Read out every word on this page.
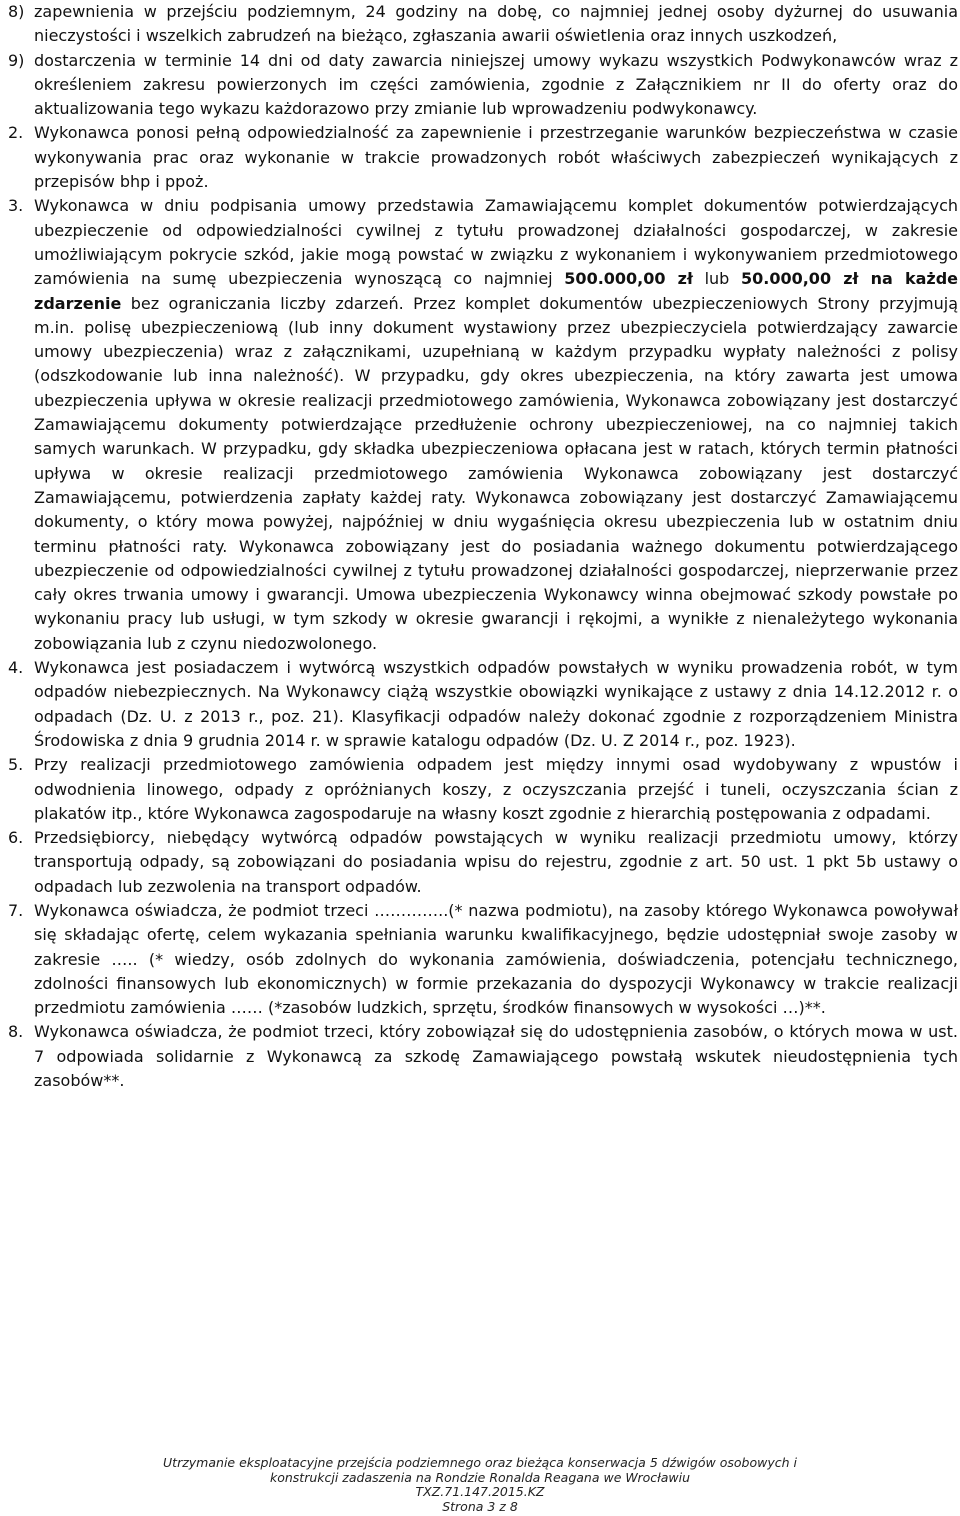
8) zapewnienia w przejściu podziemnym, 24 godziny na dobę, co najmniej jednej osoby dyżurnej do usuwania nieczystości i wszelkich zabrudzeń na bieżąco, zgłaszania awarii oświetlenia oraz innych uszkodzeń,
9) dostarczenia w terminie 14 dni od daty zawarcia niniejszej umowy wykazu wszystkich Podwykonawców wraz z określeniem zakresu powierzonych im części zamówienia, zgodnie z Załącznikiem nr II do oferty oraz do aktualizowania tego wykazu każdorazowo przy zmianie lub wprowadzeniu podwykonawcy.
2. Wykonawca ponosi pełną odpowiedzialność za zapewnienie i przestrzeganie warunków bezpieczeństwa w czasie wykonywania prac oraz wykonanie w trakcie prowadzonych robót właściwych zabezpieczeń wynikających z przepisów bhp i ppoż.
3. Wykonawca w dniu podpisania umowy przedstawia Zamawiającemu komplet dokumentów potwierdzających ubezpieczenie od odpowiedzialności cywilnej z tytułu prowadzonej działalności gospodarczej, w zakresie umożliwiającym pokrycie szkód, jakie mogą powstać w związku z wykonaniem i wykonywaniem przedmiotowego zamówienia na sumę ubezpieczenia wynoszącą co najmniej 500.000,00 zł lub 50.000,00 zł na każde zdarzenie bez ograniczania liczby zdarzeń. Przez komplet dokumentów ubezpieczeniowych Strony przyjmują m.in. polisę ubezpieczeniową (lub inny dokument wystawiony przez ubezpieczyciela potwierdzający zawarcie umowy ubezpieczenia) wraz z załącznikami, uzupełnianą w każdym przypadku wypłaty należności z polisy (odszkodowanie lub inna należność). W przypadku, gdy okres ubezpieczenia, na który zawarta jest umowa ubezpieczenia upływa w okresie realizacji przedmiotowego zamówienia, Wykonawca zobowiązany jest dostarczyć Zamawiającemu dokumenty potwierdzające przedłużenie ochrony ubezpieczeniowej, na co najmniej takich samych warunkach. W przypadku, gdy składka ubezpieczeniowa opłacana jest w ratach, których termin płatności upływa w okresie realizacji przedmiotowego zamówienia Wykonawca zobowiązany jest dostarczyć Zamawiającemu, potwierdzenia zapłaty każdej raty. Wykonawca zobowiązany jest dostarczyć Zamawiającemu dokumenty, o który mowa powyżej, najpóźniej w dniu wygaśnięcia okresu ubezpieczenia lub w ostatnim dniu terminu płatności raty. Wykonawca zobowiązany jest do posiadania ważnego dokumentu potwierdzającego ubezpieczenie od odpowiedzialności cywilnej z tytułu prowadzonej działalności gospodarczej, nieprzerwanie przez cały okres trwania umowy i gwarancji. Umowa ubezpieczenia Wykonawcy winna obejmować szkody powstałe po wykonaniu pracy lub usługi, w tym szkody w okresie gwarancji i rękojmi, a wynikłe z nienależytego wykonania zobowiązania lub z czynu niedozwolonego.
4. Wykonawca jest posiadaczem i wytwórcą wszystkich odpadów powstałych w wyniku prowadzenia robót, w tym odpadów niebezpiecznych. Na Wykonawcy ciążą wszystkie obowiązki wynikające z ustawy z dnia 14.12.2012 r. o odpadach (Dz. U. z 2013 r., poz. 21). Klasyfikacji odpadów należy dokonać zgodnie z rozporządzeniem Ministra Środowiska z dnia 9 grudnia 2014 r. w sprawie katalogu odpadów (Dz. U. Z 2014 r., poz. 1923).
5. Przy realizacji przedmiotowego zamówienia odpadem jest między innymi osad wydobywany z wpustów i odwodnienia linowego, odpady z opróżnianych koszy, z oczyszczania przejść i tuneli, oczyszczania ścian z plakatów itp., które Wykonawca zagospodaruje na własny koszt zgodnie z hierarchią postępowania z odpadami.
6. Przedsiębiorcy, niebędący wytwórcą odpadów powstających w wyniku realizacji przedmiotu umowy, którzy transportują odpady, są zobowiązani do posiadania wpisu do rejestru, zgodnie z art. 50 ust. 1 pkt 5b ustawy o odpadach lub zezwolenia na transport odpadów.
7. Wykonawca oświadcza, że podmiot trzeci …………..(* nazwa podmiotu), na zasoby którego Wykonawca powoływał się składając ofertę, celem wykazania spełniania warunku kwalifikacyjnego, będzie udostępniał swoje zasoby w zakresie ….. (* wiedzy, osób zdolnych do wykonania zamówienia, doświadczenia, potencjału technicznego, zdolności finansowych lub ekonomicznych) w formie przekazania do dyspozycji Wykonawcy w trakcie realizacji przedmiotu zamówienia …… (*zasobów ludzkich, sprzętu, środków finansowych w wysokości …)**.
8. Wykonawca oświadcza, że podmiot trzeci, który zobowiązał się do udostępnienia zasobów, o których mowa w ust. 7 odpowiada solidarnie z Wykonawcą za szkodę Zamawiającego powstałą wskutek nieudostępnienia tych zasobów**.
Utrzymanie eksploatacyjne przejścia podziemnego oraz bieżąca konserwacja 5 dźwigów osobowych i
konstrukcji zadaszenia na Rondzie Ronalda Reagana we Wrocławiu
TXZ.71.147.2015.KZ
Strona 3 z 8
